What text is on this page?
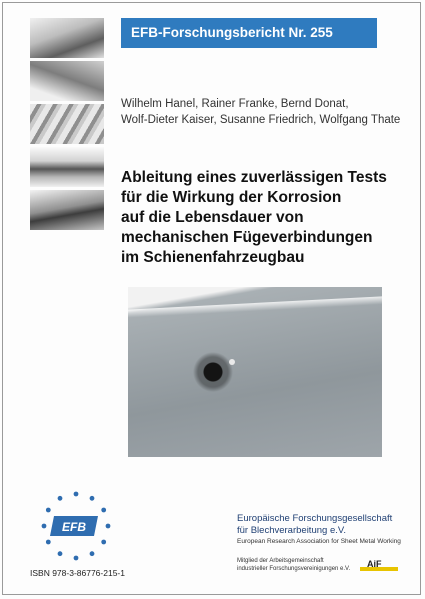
EFB-Forschungsbericht Nr. 255
Wilhelm Hanel, Rainer Franke, Bernd Donat,
Wolf-Dieter Kaiser, Susanne Friedrich, Wolfgang Thate
Ableitung eines zuverlässigen Tests
für die Wirkung der Korrosion
auf die Lebensdauer von
mechanischen Fügeverbindungen
im Schienenfahrzeugbau
EFB
ISBN 978-3-86776-215-1
Europäische Forschungsgesellschaft
für Blechverarbeitung e.V.
European Research Association for Sheet Metal Working
Mitglied der Arbeitsgemeinschaft
industrieller Forschungsvereinigungen e.V.	AiF
